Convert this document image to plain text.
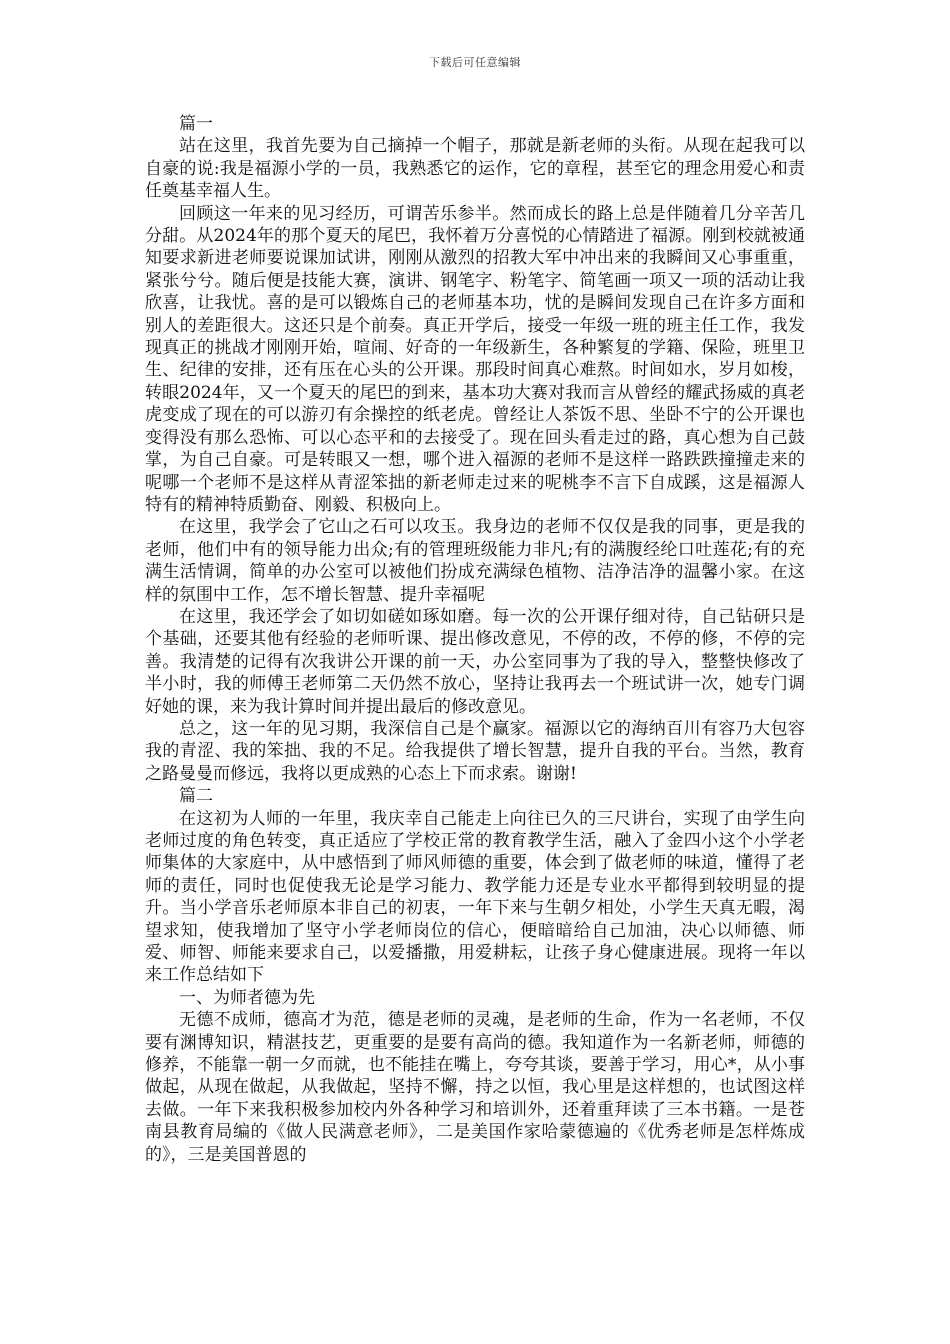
下载后可任意编辑

篇一

站在这里，我首先要为自己摘掉一个帽子，那就是新老师的头衔。从现在起我可以自豪的说:我是福源小学的一员，我熟悉它的运作，它的章程，甚至它的理念用爱心和责任奠基幸福人生。

回顾这一年来的见习经历，可谓苦乐参半。然而成长的路上总是伴随着几分辛苦几分甜。从2024年的那个夏天的尾巴，我怀着万分喜悦的心情踏进了福源。刚到校就被通知要求新进老师要说课加试讲，刚刚从激烈的招教大军中冲出来的我瞬间又心事重重，紧张兮兮。随后便是技能大赛，演讲、钢笔字、粉笔字、简笔画一项又一项的活动让我欣喜，让我忧。喜的是可以锻炼自己的老师基本功，忧的是瞬间发现自己在许多方面和别人的差距很大。这还只是个前奏。真正开学后，接受一年级一班的班主任工作，我发现真正的挑战才刚刚开始，喧闹、好奇的一年级新生，各种繁复的学籍、保险，班里卫生、纪律的安排，还有压在心头的公开课。那段时间真心难熬。时间如水，岁月如梭，转眼2024年，又一个夏天的尾巴的到来，基本功大赛对我而言从曾经的耀武扬威的真老虎变成了现在的可以游刃有余操控的纸老虎。曾经让人茶饭不思、坐卧不宁的公开课也变得没有那么恐怖、可以心态平和的去接受了。现在回头看走过的路，真心想为自己鼓掌，为自己自豪。可是转眼又一想，哪个进入福源的老师不是这样一路跌跌撞撞走来的呢哪一个老师不是这样从青涩笨拙的新老师走过来的呢桃李不言下自成蹊，这是福源人特有的精神特质勤奋、刚毅、积极向上。

在这里，我学会了它山之石可以攻玉。我身边的老师不仅仅是我的同事，更是我的老师，他们中有的领导能力出众;有的管理班级能力非凡;有的满腹经纶口吐莲花;有的充满生活情调，简单的办公室可以被他们扮成充满绿色植物、洁净洁净的温馨小家。在这样的氛围中工作，怎不增长智慧、提升幸福呢

在这里，我还学会了如切如磋如琢如磨。每一次的公开课仔细对待，自己钻研只是个基础，还要其他有经验的老师听课、提出修改意见，不停的改，不停的修，不停的完善。我清楚的记得有次我讲公开课的前一天，办公室同事为了我的导入，整整快修改了半小时，我的师傅王老师第二天仍然不放心，坚持让我再去一个班试讲一次，她专门调好她的课，来为我计算时间并提出最后的修改意见。

总之，这一年的见习期，我深信自己是个赢家。福源以它的海纳百川有容乃大包容我的青涩、我的笨拙、我的不足。给我提供了增长智慧，提升自我的平台。当然，教育之路曼曼而修远，我将以更成熟的心态上下而求索。谢谢!

篇二

在这初为人师的一年里，我庆幸自己能走上向往已久的三尺讲台，实现了由学生向老师过度的角色转变，真正适应了学校正常的教育教学生活，融入了金四小这个小学老师集体的大家庭中，从中感悟到了师风师德的重要，体会到了做老师的味道，懂得了老师的责任，同时也促使我无论是学习能力、教学能力还是专业水平都得到较明显的提升。当小学音乐老师原本非自己的初衷，一年下来与生朝夕相处，小学生天真无暇，渴望求知，使我增加了坚守小学老师岗位的信心，便暗暗给自己加油，决心以师德、师爱、师智、师能来要求自己，以爱播撒，用爱耕耘，让孩子身心健康进展。现将一年以来工作总结如下

一、为师者德为先

无德不成师，德高才为范，德是老师的灵魂，是老师的生命，作为一名老师，不仅要有渊博知识，精湛技艺，更重要的是要有高尚的德。我知道作为一名新老师，师德的修养，不能靠一朝一夕而就，也不能挂在嘴上，夸夸其谈，要善于学习，用心*，从小事做起，从现在做起，从我做起，坚持不懈，持之以恒，我心里是这样想的，也试图这样去做。一年下来我积极参加校内外各种学习和培训外，还着重拜读了三本书籍。一是苍南县教育局编的《做人民满意老师》，二是美国作家哈蒙德遍的《优秀老师是怎样炼成的》，三是美国普恩的
